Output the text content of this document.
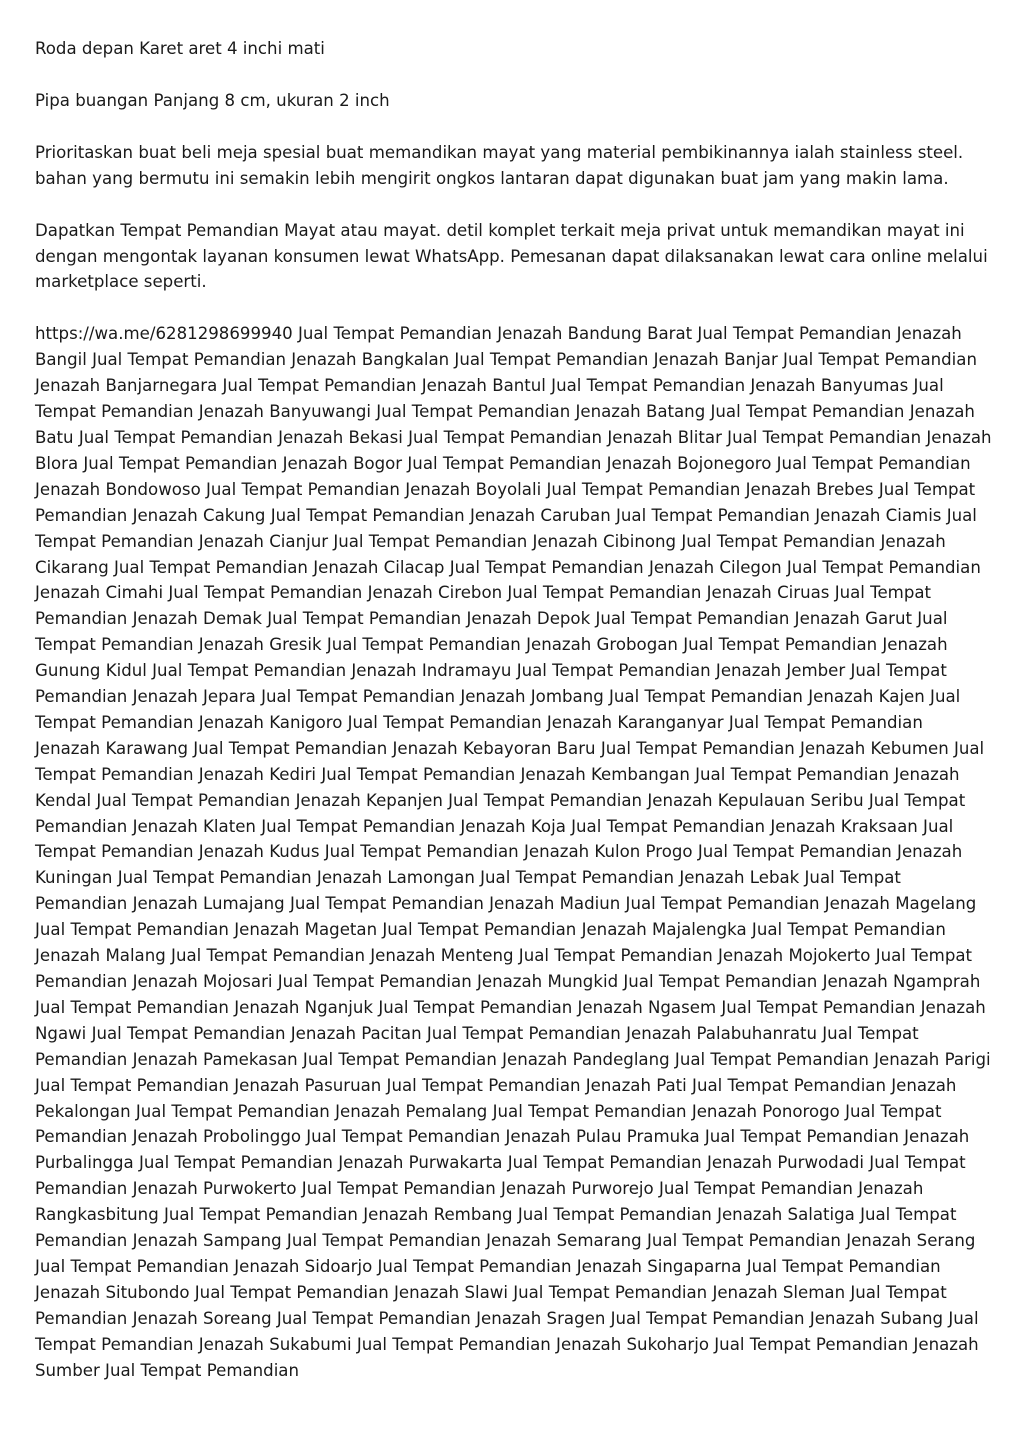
Roda depan Karet aret 4 inchi mati

Pipa buangan Panjang 8 cm, ukuran 2 inch

Prioritaskan buat beli meja spesial buat memandikan mayat yang material pembikinannya ialah stainless steel. bahan yang bermutu ini semakin lebih mengirit ongkos lantaran dapat digunakan buat jam yang makin lama.

Dapatkan Tempat Pemandian Mayat atau mayat. detil komplet terkait meja privat untuk memandikan mayat ini dengan mengontak layanan konsumen lewat WhatsApp. Pemesanan dapat dilaksanakan lewat cara online melalui marketplace seperti.

https://wa.me/6281298699940 Jual Tempat Pemandian Jenazah Bandung Barat Jual Tempat Pemandian Jenazah Bangil Jual Tempat Pemandian Jenazah Bangkalan Jual Tempat Pemandian Jenazah Banjar Jual Tempat Pemandian Jenazah Banjarnegara Jual Tempat Pemandian Jenazah Bantul Jual Tempat Pemandian Jenazah Banyumas Jual Tempat Pemandian Jenazah Banyuwangi Jual Tempat Pemandian Jenazah Batang Jual Tempat Pemandian Jenazah Batu Jual Tempat Pemandian Jenazah Bekasi Jual Tempat Pemandian Jenazah Blitar Jual Tempat Pemandian Jenazah Blora Jual Tempat Pemandian Jenazah Bogor Jual Tempat Pemandian Jenazah Bojonegoro Jual Tempat Pemandian Jenazah Bondowoso Jual Tempat Pemandian Jenazah Boyolali Jual Tempat Pemandian Jenazah Brebes Jual Tempat Pemandian Jenazah Cakung Jual Tempat Pemandian Jenazah Caruban Jual Tempat Pemandian Jenazah Ciamis Jual Tempat Pemandian Jenazah Cianjur Jual Tempat Pemandian Jenazah Cibinong Jual Tempat Pemandian Jenazah Cikarang Jual Tempat Pemandian Jenazah Cilacap Jual Tempat Pemandian Jenazah Cilegon Jual Tempat Pemandian Jenazah Cimahi Jual Tempat Pemandian Jenazah Cirebon Jual Tempat Pemandian Jenazah Ciruas Jual Tempat Pemandian Jenazah Demak Jual Tempat Pemandian Jenazah Depok Jual Tempat Pemandian Jenazah Garut Jual Tempat Pemandian Jenazah Gresik Jual Tempat Pemandian Jenazah Grobogan Jual Tempat Pemandian Jenazah Gunung Kidul Jual Tempat Pemandian Jenazah Indramayu Jual Tempat Pemandian Jenazah Jember Jual Tempat Pemandian Jenazah Jepara Jual Tempat Pemandian Jenazah Jombang Jual Tempat Pemandian Jenazah Kajen Jual Tempat Pemandian Jenazah Kanigoro Jual Tempat Pemandian Jenazah Karanganyar Jual Tempat Pemandian Jenazah Karawang Jual Tempat Pemandian Jenazah Kebayoran Baru Jual Tempat Pemandian Jenazah Kebumen Jual Tempat Pemandian Jenazah Kediri Jual Tempat Pemandian Jenazah Kembangan Jual Tempat Pemandian Jenazah Kendal Jual Tempat Pemandian Jenazah Kepanjen Jual Tempat Pemandian Jenazah Kepulauan Seribu Jual Tempat Pemandian Jenazah Klaten Jual Tempat Pemandian Jenazah Koja Jual Tempat Pemandian Jenazah Kraksaan Jual Tempat Pemandian Jenazah Kudus Jual Tempat Pemandian Jenazah Kulon Progo Jual Tempat Pemandian Jenazah Kuningan Jual Tempat Pemandian Jenazah Lamongan Jual Tempat Pemandian Jenazah Lebak Jual Tempat Pemandian Jenazah Lumajang Jual Tempat Pemandian Jenazah Madiun Jual Tempat Pemandian Jenazah Magelang Jual Tempat Pemandian Jenazah Magetan Jual Tempat Pemandian Jenazah Majalengka Jual Tempat Pemandian Jenazah Malang Jual Tempat Pemandian Jenazah Menteng Jual Tempat Pemandian Jenazah Mojokerto Jual Tempat Pemandian Jenazah Mojosari Jual Tempat Pemandian Jenazah Mungkid Jual Tempat Pemandian Jenazah Ngamprah Jual Tempat Pemandian Jenazah Nganjuk Jual Tempat Pemandian Jenazah Ngasem Jual Tempat Pemandian Jenazah Ngawi Jual Tempat Pemandian Jenazah Pacitan Jual Tempat Pemandian Jenazah Palabuhanratu Jual Tempat Pemandian Jenazah Pamekasan Jual Tempat Pemandian Jenazah Pandeglang Jual Tempat Pemandian Jenazah Parigi Jual Tempat Pemandian Jenazah Pasuruan Jual Tempat Pemandian Jenazah Pati Jual Tempat Pemandian Jenazah Pekalongan Jual Tempat Pemandian Jenazah Pemalang Jual Tempat Pemandian Jenazah Ponorogo Jual Tempat Pemandian Jenazah Probolinggo Jual Tempat Pemandian Jenazah Pulau Pramuka Jual Tempat Pemandian Jenazah Purbalingga Jual Tempat Pemandian Jenazah Purwakarta Jual Tempat Pemandian Jenazah Purwodadi Jual Tempat Pemandian Jenazah Purwokerto Jual Tempat Pemandian Jenazah Purworejo Jual Tempat Pemandian Jenazah Rangkasbitung Jual Tempat Pemandian Jenazah Rembang Jual Tempat Pemandian Jenazah Salatiga Jual Tempat Pemandian Jenazah Sampang Jual Tempat Pemandian Jenazah Semarang Jual Tempat Pemandian Jenazah Serang Jual Tempat Pemandian Jenazah Sidoarjo Jual Tempat Pemandian Jenazah Singaparna Jual Tempat Pemandian Jenazah Situbondo Jual Tempat Pemandian Jenazah Slawi Jual Tempat Pemandian Jenazah Sleman Jual Tempat Pemandian Jenazah Soreang Jual Tempat Pemandian Jenazah Sragen Jual Tempat Pemandian Jenazah Subang Jual Tempat Pemandian Jenazah Sukabumi Jual Tempat Pemandian Jenazah Sukoharjo Jual Tempat Pemandian Jenazah Sumber Jual Tempat Pemandian
